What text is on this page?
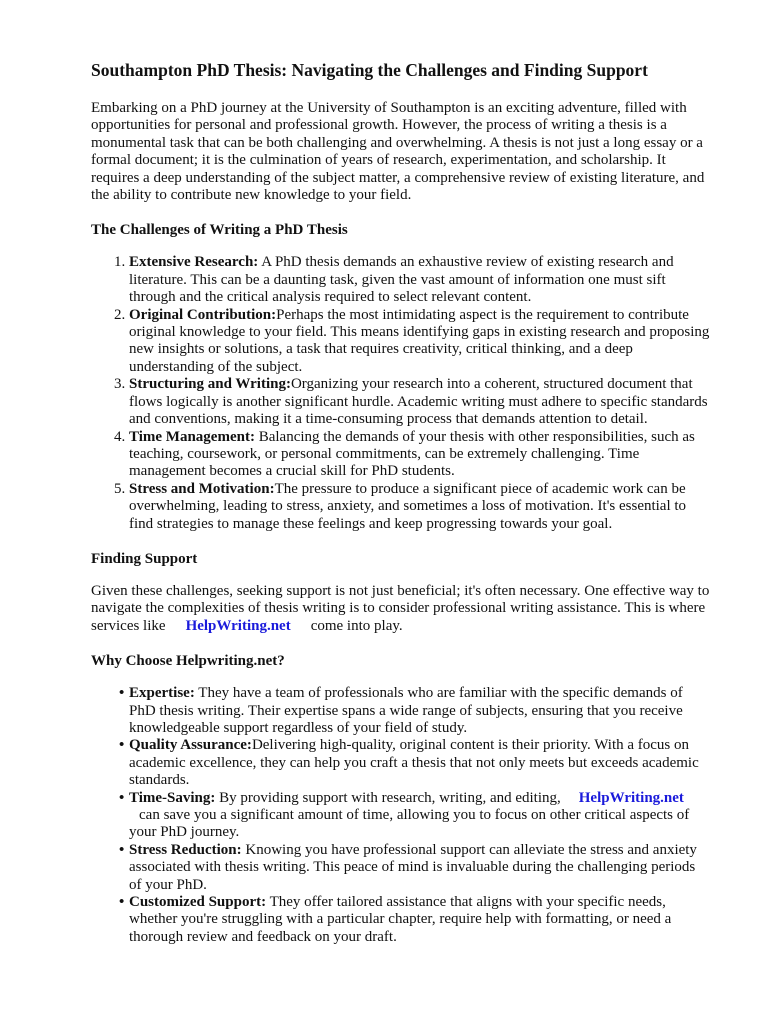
Southampton PhD Thesis: Navigating the Challenges and Finding Support

Embarking on a PhD journey at the University of Southampton is an exciting adventure, filled with opportunities for personal and professional growth. However, the process of writing a thesis is a monumental task that can be both challenging and overwhelming. A thesis is not just a long essay or a formal document; it is the culmination of years of research, experimentation, and scholarship. It requires a deep understanding of the subject matter, a comprehensive review of existing literature, and the ability to contribute new knowledge to your field.

The Challenges of Writing a PhD Thesis
1. Extensive Research: A PhD thesis demands an exhaustive review of existing research and literature. This can be a daunting task, given the vast amount of information one must sift through and the critical analysis required to select relevant content.
2. Original Contribution:Perhaps the most intimidating aspect is the requirement to contribute original knowledge to your field. This means identifying gaps in existing research and proposing new insights or solutions, a task that requires creativity, critical thinking, and a deep understanding of the subject.
3. Structuring and Writing:Organizing your research into a coherent, structured document that flows logically is another significant hurdle. Academic writing must adhere to specific standards and conventions, making it a time-consuming process that demands attention to detail.
4. Time Management: Balancing the demands of your thesis with other responsibilities, such as teaching, coursework, or personal commitments, can be extremely challenging. Time management becomes a crucial skill for PhD students.
5. Stress and Motivation:The pressure to produce a significant piece of academic work can be overwhelming, leading to stress, anxiety, and sometimes a loss of motivation. It's essential to find strategies to manage these feelings and keep progressing towards your goal.
Finding Support

Given these challenges, seeking support is not just beneficial; it's often necessary. One effective way to navigate the complexities of thesis writing is to consider professional writing assistance. This is where services like HelpWriting.net come into play.

Why Choose Helpwriting.net?
• Expertise: They have a team of professionals who are familiar with the specific demands of PhD thesis writing. Their expertise spans a wide range of subjects, ensuring that you receive knowledgeable support regardless of your field of study.
• Quality Assurance:Delivering high-quality, original content is their priority. With a focus on academic excellence, they can help you craft a thesis that not only meets but exceeds academic standards.
• Time-Saving: By providing support with research, writing, and editing, HelpWriting.net
can save you a significant amount of time, allowing you to focus on other critical aspects of your PhD journey.
• Stress Reduction: Knowing you have professional support can alleviate the stress and anxiety associated with thesis writing. This peace of mind is invaluable during the challenging periods of your PhD.
• Customized Support: They offer tailored assistance that aligns with your specific needs, whether you're struggling with a particular chapter, require help with formatting, or need a thorough review and feedback on your draft.
